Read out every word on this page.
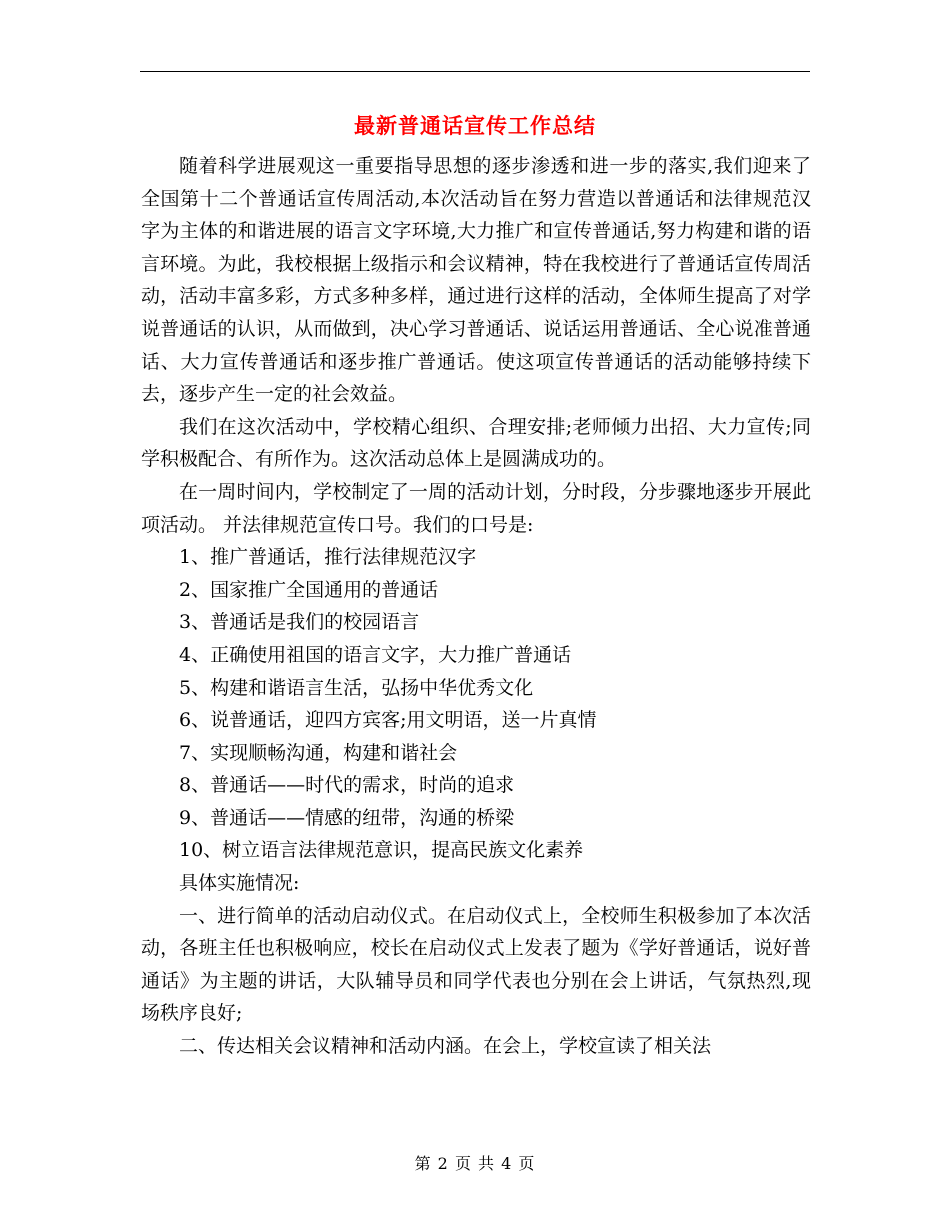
最新普通话宣传工作总结

随着科学进展观这一重要指导思想的逐步渗透和进一步的落实,我们迎来了全国第十二个普通话宣传周活动,本次活动旨在努力营造以普通话和法律规范汉字为主体的和谐进展的语言文字环境,大力推广和宣传普通话,努力构建和谐的语言环境。为此，我校根据上级指示和会议精神，特在我校进行了普通话宣传周活动，活动丰富多彩，方式多种多样，通过进行这样的活动，全体师生提高了对学说普通话的认识，从而做到，决心学习普通话、说话运用普通话、全心说准普通话、大力宣传普通话和逐步推广普通话。使这项宣传普通话的活动能够持续下去，逐步产生一定的社会效益。

我们在这次活动中，学校精心组织、合理安排;老师倾力出招、大力宣传;同学积极配合、有所作为。这次活动总体上是圆满成功的。

在一周时间内，学校制定了一周的活动计划，分时段，分步骤地逐步开展此项活动。 并法律规范宣传口号。我们的口号是:

1、推广普通话，推行法律规范汉字

2、国家推广全国通用的普通话

3、普通话是我们的校园语言

4、正确使用祖国的语言文字，大力推广普通话

5、构建和谐语言生活，弘扬中华优秀文化

6、说普通话，迎四方宾客;用文明语，送一片真情

7、实现顺畅沟通，构建和谐社会

8、普通话——时代的需求，时尚的追求

9、普通话——情感的纽带，沟通的桥梁

10、树立语言法律规范意识，提高民族文化素养

具体实施情况:

一、进行简单的活动启动仪式。在启动仪式上，全校师生积极参加了本次活动，各班主任也积极响应，校长在启动仪式上发表了题为《学好普通话，说好普通话》为主题的讲话，大队辅导员和同学代表也分别在会上讲话，气氛热烈,现场秩序良好;

二、传达相关会议精神和活动内涵。在会上，学校宣读了相关法

第 2 页 共 4 页
